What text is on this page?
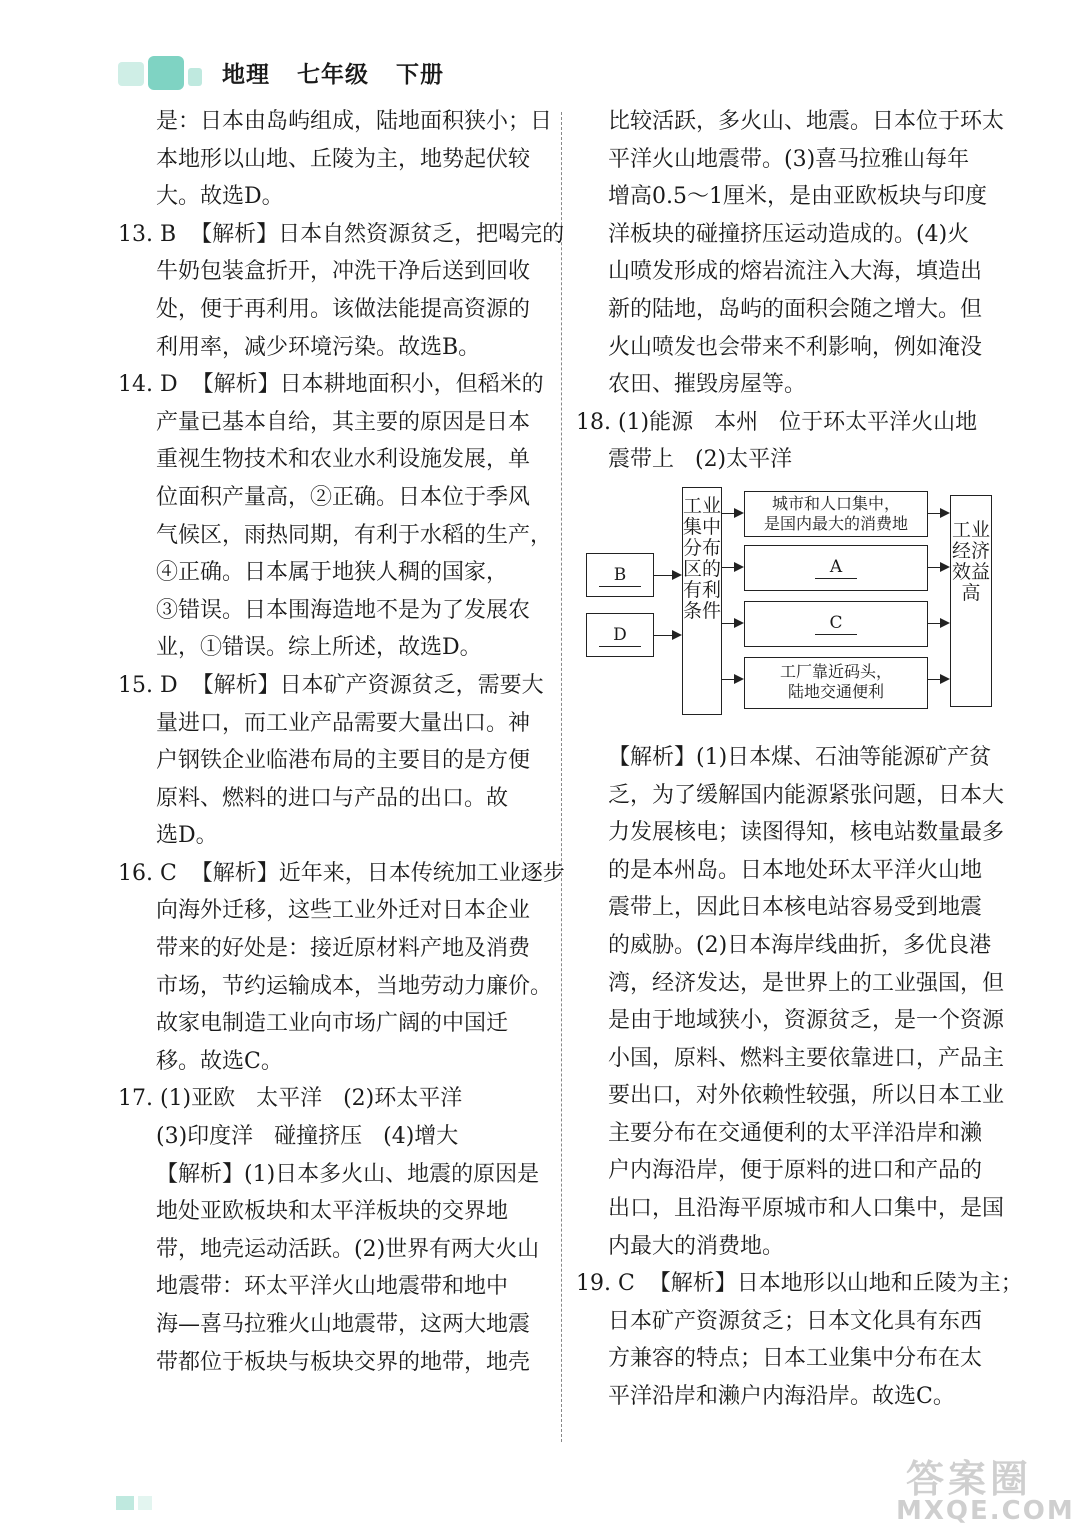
地理   七年级   下册
是：日本由岛屿组成，陆地面积狭小；日
本地形以山地、丘陵为主，地势起伏较
大。故选D。
13. B  【解析】日本自然资源贫乏，把喝完的
牛奶包装盒折开，冲洗干净后送到回收
处，便于再利用。该做法能提高资源的
利用率，减少环境污染。故选B。
14. D  【解析】日本耕地面积小，但稻米的
产量已基本自给，其主要的原因是日本
重视生物技术和农业水利设施发展，单
位面积产量高，②正确。日本位于季风
气候区，雨热同期，有利于水稻的生产，
④正确。日本属于地狭人稠的国家，
③错误。日本围海造地不是为了发展农
业，①错误。综上所述，故选D。
15. D  【解析】日本矿产资源贫乏，需要大
量进口，而工业产品需要大量出口。神
户钢铁企业临港布局的主要目的是方便
原料、燃料的进口与产品的出口。故
选D。
16. C  【解析】近年来，日本传统加工业逐步
向海外迁移，这些工业外迁对日本企业
带来的好处是：接近原材料产地及消费
市场，节约运输成本，当地劳动力廉价。
故家电制造工业向市场广阔的中国迁
移。故选C。
17. (1)亚欧   太平洋   (2)环太平洋
(3)印度洋   碰撞挤压   (4)增大
【解析】(1)日本多火山、地震的原因是
地处亚欧板块和太平洋板块的交界地
带，地壳运动活跃。(2)世界有两大火山
地震带：环太平洋火山地震带和地中
海—喜马拉雅火山地震带，这两大地震
带都位于板块与板块交界的地带，地壳
比较活跃，多火山、地震。日本位于环太
平洋火山地震带。(3)喜马拉雅山每年
增高0.5～1厘米，是由亚欧板块与印度
洋板块的碰撞挤压运动造成的。(4)火
山喷发形成的熔岩流注入大海，填造出
新的陆地，岛屿的面积会随之增大。但
火山喷发也会带来不利影响，例如淹没
农田、摧毁房屋等。
18. (1)能源   本州   位于环太平洋火山地
震带上   (2)太平洋
B
D
工业集中分布区的有利条件
城市和人口集中，
是国内最大的消费地
A
C
工厂靠近码头，
陆地交通便利
工业经济效益高
【解析】(1)日本煤、石油等能源矿产贫
乏，为了缓解国内能源紧张问题，日本大
力发展核电；读图得知，核电站数量最多
的是本州岛。日本地处环太平洋火山地
震带上，因此日本核电站容易受到地震
的威胁。(2)日本海岸线曲折，多优良港
湾，经济发达，是世界上的工业强国，但
是由于地域狭小，资源贫乏，是一个资源
小国，原料、燃料主要依靠进口，产品主
要出口，对外依赖性较强，所以日本工业
主要分布在交通便利的太平洋沿岸和濑
户内海沿岸，便于原料的进口和产品的
出口，且沿海平原城市和人口集中，是国
内最大的消费地。
19. C  【解析】日本地形以山地和丘陵为主；
日本矿产资源贫乏；日本文化具有东西
方兼容的特点；日本工业集中分布在太
平洋沿岸和濑户内海沿岸。故选C。
答案圈
MXQE.COM
